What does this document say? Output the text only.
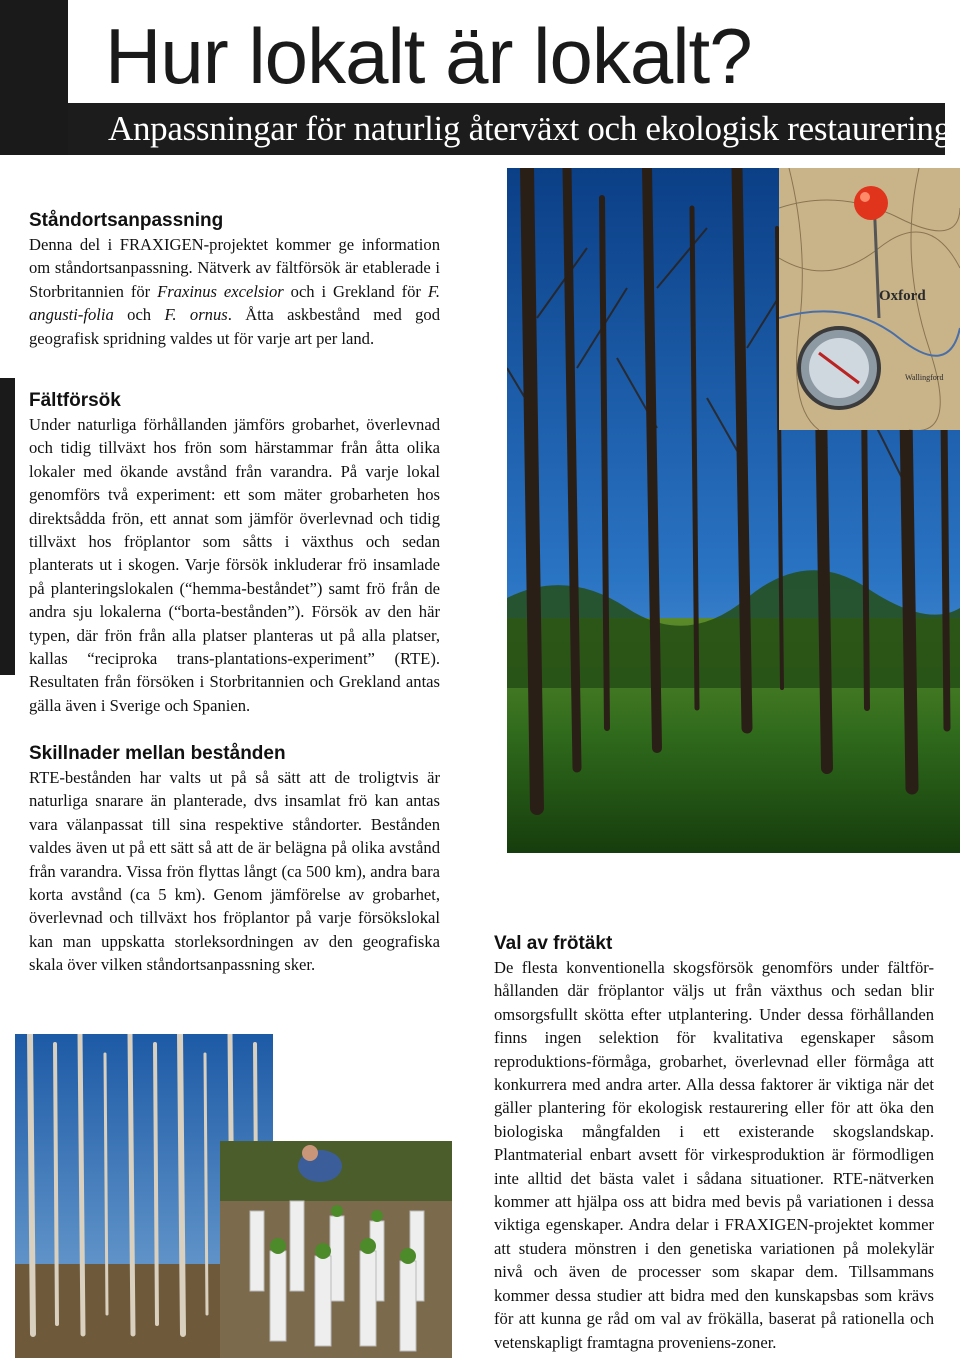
Hur lokalt är lokalt?
Anpassningar för naturlig återväxt och ekologisk restaurering
Ståndortsanpassning

Denna del i FRAXIGEN-projektet kommer ge information om ståndortsanpassning. Nätverk av fältförsök är etablerade i Storbritannien för Fraxinus excelsior och i Grekland för F. angusti-folia och F. ornus. Åtta askbestånd med god geografisk spridning valdes ut för varje art per land.

Fältförsök

Under naturliga förhållanden jämförs grobarhet, överlevnad och tidig tillväxt hos frön som härstammar från åtta olika lokaler med ökande avstånd från varandra. På varje lokal genomförs två experiment: ett som mäter grobarheten hos direktsådda frön, ett annat som jämför överlevnad och tidig tillväxt hos fröplantor som såtts i växthus och sedan planterats ut i skogen. Varje försök inkluderar frö insamlade på planteringslokalen (“hemma-beståndet”) samt frö från de andra sju lokalerna (“borta-bestånden”). Försök av den här typen, där frön från alla platser planteras ut på alla platser, kallas “reciproka trans-plantations-experiment” (RTE). Resultaten från försöken i Storbritannien och Grekland antas gälla även i Sverige och Spanien.

Skillnader mellan bestånden

RTE-bestånden har valts ut på så sätt att de troligtvis är naturliga snarare än planterade, dvs insamlat frö kan antas vara välanpassat till sina respektive ståndorter. Bestånden valdes även ut på ett sätt så att de är belägna på olika avstånd från varandra. Vissa frön flyttas långt (ca 500 km), andra bara korta avstånd (ca 5 km). Genom jämförelse av grobarhet, överlevnad och tillväxt hos fröplantor på varje försökslokal kan man uppskatta storleksordningen av den geografiska skala över vilken ståndortsanpassning sker.

Val av frötäkt

De flesta konventionella skogsförsök genomförs under fältför-hållanden där fröplantor väljs ut från växthus och sedan blir omsorgsfullt skötta efter utplantering. Under dessa förhållanden finns ingen selektion för kvalitativa egenskaper såsom reproduktions-förmåga, grobarhet, överlevnad eller förmåga att konkurrera med andra arter. Alla dessa faktorer är viktiga när det gäller plantering för ekologisk restaurering eller för att öka den biologiska mångfalden i ett existerande skogslandskap. Plantmaterial enbart avsett för virkesproduktion är förmodligen inte alltid det bästa valet i sådana situationer. RTE-nätverken kommer att hjälpa oss att bidra med bevis på variationen i dessa viktiga egenskaper. Andra delar i FRAXIGEN-projektet kommer att studera mönstren i den genetiska variationen på molekylär nivå och även de processer som skapar dem. Tillsammans kommer dessa studier att bidra med den kunskapsbas som krävs för att kunna ge råd om val av frökälla, baserat på rationella och vetenskapligt framtagna proveniens-zoner.

Oxford
Wallingford
